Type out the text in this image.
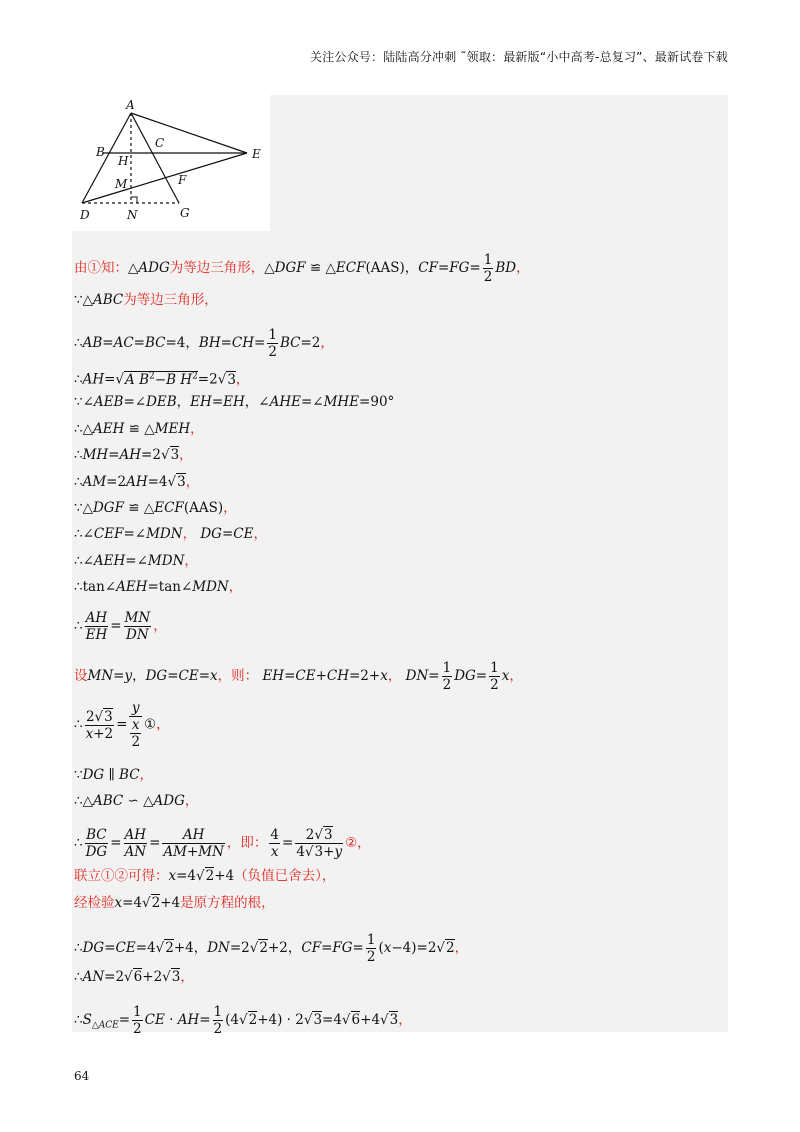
关注公众号：陆陆高分冲刺 ˜领取：最新版“小中高考-总复习”、最新试卷下载
A
B
C
H	E
M	F
D	N	G
由①知：△ADG为等边三角形，△DGF ≌ △ECF(AAS)，$CF=FG= \frac{1}{2}$ BD，
∵△ABC为等边三角形，
∴AB=AC=BC=4，$BH=CH= \frac{1}{2} BC=2$，
∴AH=√A $B^2-B$ $H^2=2√3$，
∵∠AEB=∠DEB，EH=EH，∠AHE=∠MHE=90°
∴△AEH ≌ △MEH，
∴MH=AH=2√3，
∴AM=2AH=4√3，
∵△DGF ≌ △ECF(AAS)，
∴∠CEF=∠MDN， DG=CE，
∴∠AEH=∠MDN，
∴tan∠AEH=tan∠MDN，
∴ $\frac{AH}{EH} = \frac{MN}{DN}$ ，
设MN=y，DG=CE=x，则： EH=CE+CH=2+x， $DN= \frac{1}{2} DG= \frac{1}{2}$ x，
∴ $\frac{2√3}{x+2} = \frac{y}{\frac{x}{2}}$ ①，
∵DG ∥ BC，
∴△ABC ∽ △ADG，
∴ $\frac{BC}{DG} = \frac{AH}{AN} = \frac{AH}{AM+MN}$ ，即： $\frac{4}{x} = \frac{2√3}{4√3+y}$ ②，
联立①②可得：x=4√2+4（负值已舍去），
经检验x=4√2+4是原方程的根，
∴DG=CE=4√2+4，DN=2√2+2，$CF=FG= \frac{1}{2} (x-4)=2√2$，
∴AN=2√6+2√3，
$\therefore S_{\triangle ACE}= \frac{1}{2}$ CE · $AH= \frac{1}{2} (4√2+4) \cdot 2√3=4√6+4√3$，
64
